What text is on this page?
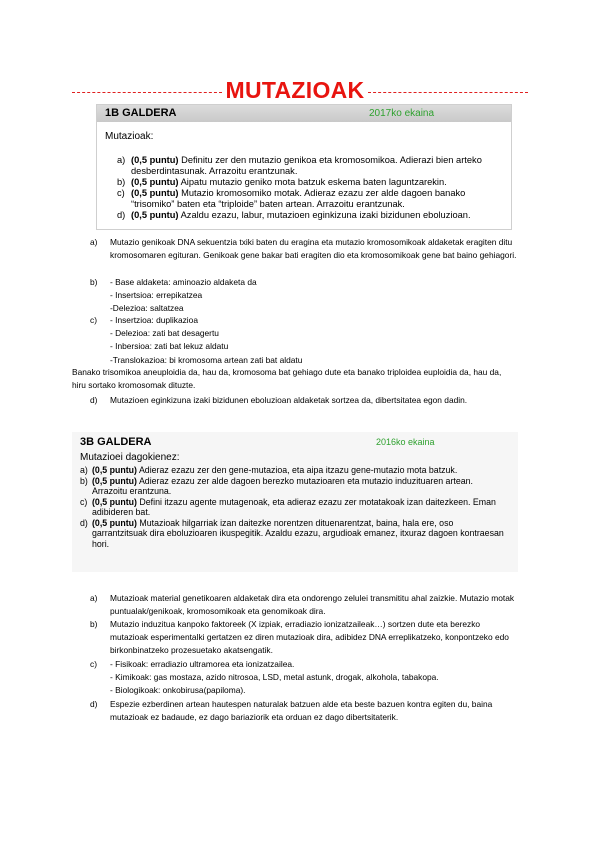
MUTAZIOAK
1B GALDERA	2017ko ekaina
Mutazioak:
a) (0,5 puntu) Definitu zer den mutazio genikoa eta kromosomikoa. Adierazi bien arteko desberdintasunak. Arrazoitu erantzunak.
b) (0,5 puntu) Aipatu mutazio geniko mota batzuk eskema baten laguntzarekin.
c) (0,5 puntu) Mutazio kromosomiko motak. Adieraz ezazu zer alde dagoen banako “trisomiko” baten eta “triploide” baten artean. Arrazoitu erantzunak.
d) (0,5 puntu) Azaldu ezazu, labur, mutazioen eginkizuna izaki bizidunen eboluzioan.
a) Mutazio genikoak DNA sekuentzia txiki baten du eragina eta mutazio kromosomikoak aldaketak eragiten ditu kromosomaren egituran. Genikoak gene bakar bati eragiten dio eta kromosomikoak gene bat baino gehiagori.
b) - Base aldaketa: aminoazio aldaketa da
- Insertsioa: errepikatzea
-Delezioa: saltatzea
c) - Insertzioa: duplikazioa
- Delezioa: zati bat desagertu
- Inbersioa: zati bat lekuz aldatu
-Translokazioa: bi kromosoma artean zati bat aldatu
Banako trisomikoa aneuploidia da, hau da, kromosoma bat gehiago dute eta banako triploidea euploidia da, hau da, hiru sortako kromosomak dituzte.
d) Mutazioen eginkizuna izaki bizidunen eboluzioan aldaketak sortzea da, dibertsitatea egon dadin.
3B GALDERA	2016ko ekaina
Mutazioei dagokienez:
a) (0,5 puntu) Adieraz ezazu zer den gene-mutazioa, eta aipa itzazu gene-mutazio mota batzuk.
b) (0,5 puntu) Adieraz ezazu zer alde dagoen berezko mutazioaren eta mutazio induzituaren artean. Arrazoitu erantzuna.
c) (0,5 puntu) Defini itzazu agente mutagenoak, eta adieraz ezazu zer motatakoak izan daitezkeen. Eman adibideren bat.
d) (0,5 puntu) Mutazioak hilgarriak izan daitezke norentzen dituenarentzat, baina, hala ere, oso garrantzitsuak dira eboluzioaren ikuspegitik. Azaldu ezazu, argudioak emanez, itxuraz dagoen kontraesan hori.
a) Mutazioak material genetikoaren aldaketak dira eta ondorengo zelulei transmititu ahal zaizkie. Mutazio motak puntualak/genikoak, kromosomikoak eta genomikoak dira.
b) Mutazio induzitua kanpoko faktoreek (X izpiak, erradiazio ionizatzaileak…) sortzen dute eta berezko mutazioak esperimentalki gertatzen ez diren mutazioak dira, adibidez DNA erreplikatzeko, konpontzeko edo birkonbinatzeko prozesuetako akatsengatik.
c) - Fisikoak: erradiazio ultramorea eta ionizatzailea.
- Kimikoak: gas mostaza, azido nitrosoa, LSD, metal astunk, drogak, alkohola, tabakopa.
- Biologikoak: onkobirusa(papiloma).
d) Espezie ezberdinen artean hautespen naturalak batzuen alde eta beste bazuen kontra egiten du, baina mutazioak ez badaude, ez dago bariaziorik eta orduan ez dago dibertsitaterik.
